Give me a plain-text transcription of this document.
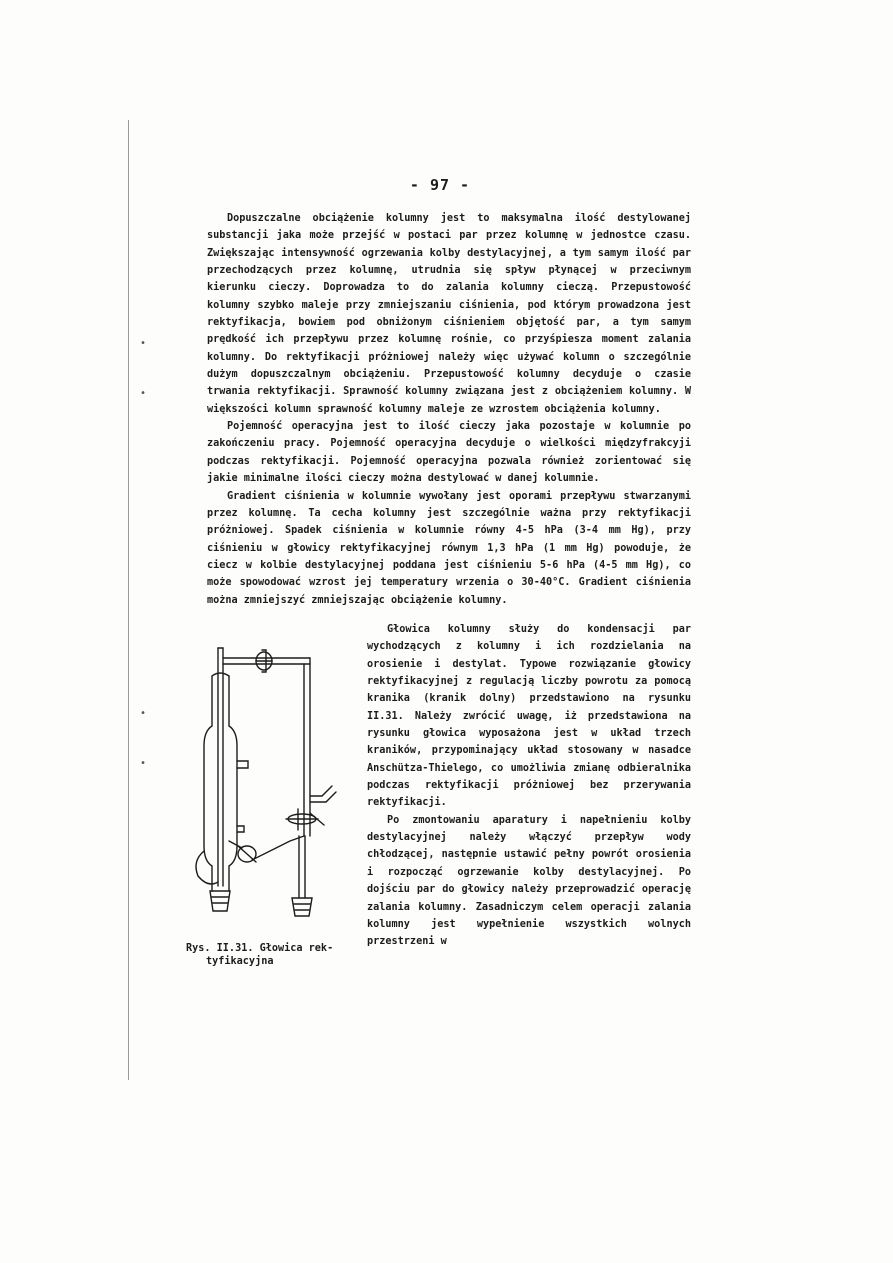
•
•
•
•
- 97 -

Dopuszczalne obciążenie kolumny jest to maksymalna ilość destylowanej substancji jaka może przejść w postaci par przez kolumnę w jednostce czasu. Zwiększając intensywność ogrzewania kolby destylacyjnej, a tym samym ilość par przechodzących przez kolumnę, utrudnia się spływ płynącej w przeciwnym kierunku cieczy. Doprowadza to do zalania kolumny cieczą. Przepustowość kolumny szybko maleje przy zmniejszaniu ciśnienia, pod którym prowadzona jest rektyfikacja, bowiem pod obniżonym ciśnieniem objętość par, a tym samym prędkość ich przepływu przez kolumnę rośnie, co przyśpiesza moment zalania kolumny. Do rektyfikacji próżniowej należy więc używać kolumn o szczególnie dużym dopuszczalnym obciążeniu. Przepustowość kolumny decyduje o czasie trwania rektyfikacji. Sprawność kolumny związana jest z obciążeniem kolumny. W większości kolumn sprawność kolumny maleje ze wzrostem obciążenia kolumny.

Pojemność operacyjna jest to ilość cieczy jaka pozostaje w kolumnie po zakończeniu pracy. Pojemność operacyjna decyduje o wielkości międzyfrakcyji podczas rektyfikacji. Pojemność operacyjna pozwala również zorientować się jakie minimalne ilości cieczy można destylować w danej kolumnie.

Gradient ciśnienia w kolumnie wywołany jest oporami przepływu stwarzanymi przez kolumnę. Ta cecha kolumny jest szczególnie ważna przy rektyfikacji próżniowej. Spadek ciśnienia w kolumnie równy 4-5 hPa (3-4 mm Hg), przy ciśnieniu w głowicy rektyfikacyjnej równym 1,3 hPa (1 mm Hg) powoduje, że ciecz w kolbie destylacyjnej poddana jest ciśnieniu 5-6 hPa (4-5 mm Hg), co może spowodować wzrost jej temperatury wrzenia o 30-40°C. Gradient ciśnienia można zmniejszyć zmniejszając obciążenie kolumny.

Głowica kolumny służy do kondensacji par wychodzących z kolumny i ich rozdzielania na orosienie i destylat. Typowe rozwiązanie głowicy rektyfikacyjnej z regulacją liczby powrotu za pomocą kranika (kranik dolny) przedstawiono na rysunku II.31. Należy zwrócić uwagę, iż przedstawiona na rysunku głowica wyposażona jest w układ trzech kraników, przypominający układ stosowany w nasadce Anschütza-Thielego, co umożliwia zmianę odbieralnika podczas rektyfikacji próżniowej bez przerywania rektyfikacji.

Po zmontowaniu aparatury i napełnieniu kolby destylacyjnej należy włączyć przepływ wody chłodzącej, następnie ustawić pełny powrót orosienia i rozpocząć ogrzewanie kolby destylacyjnej. Po dojściu par do głowicy należy przeprowadzić operację zalania kolumny. Zasadniczym celem operacji zalania kolumny jest wypełnienie wszystkich wolnych przestrzeni w

Rys. II.31. Głowica rek-
tyfikacyjna
